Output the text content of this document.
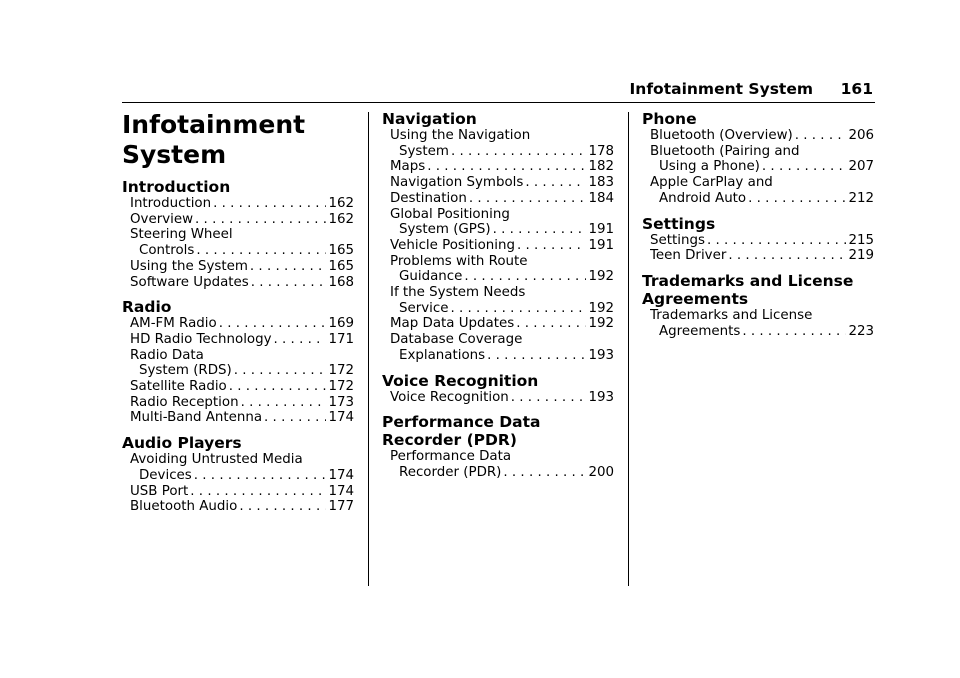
Infotainment System 161
Infotainment
System
Introduction
Introduction . . .	162
Overview . . .	162
Steering Wheel
Controls . . .	165
Using the System . . .	165
Software Updates . . .	168
Radio
AM-FM Radio . . .	169
HD Radio Technology . . .	171
Radio Data
System (RDS) . . .	172
Satellite Radio . . .	172
Radio Reception . . .	173
Multi-Band Antenna . . .	174
Audio Players
Avoiding Untrusted Media
Devices . . .	174
USB Port . . .	174
Bluetooth Audio . . .	177
Navigation
Using the Navigation
System . . .	178
Maps . . .	182
Navigation Symbols . . .	183
Destination . . .	184
Global Positioning
System (GPS) . . .	191
Vehicle Positioning . . .	191
Problems with Route
Guidance . . .	192
If the System Needs
Service . . .	192
Map Data Updates . . .	192
Database Coverage
Explanations . . .	193
Voice Recognition
Voice Recognition . . .	193
Performance Data
Recorder (PDR)
Performance Data
Recorder (PDR) . . .	200
Phone
Bluetooth (Overview) . . .	206
Bluetooth (Pairing and
Using a Phone) . . .	207
Apple CarPlay and
Android Auto . . .	212
Settings
Settings . . .	215
Teen Driver . . .	219
Trademarks and License
Agreements
Trademarks and License
Agreements . . .	223
